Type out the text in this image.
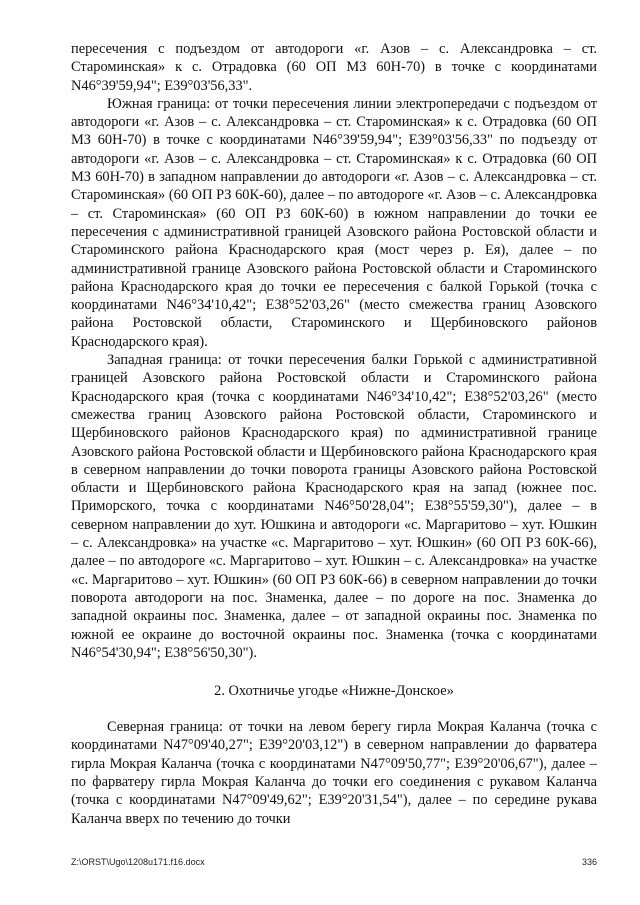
пересечения с подъездом от автодороги «г. Азов – с. Александровка – ст. Староминская» к с. Отрадовка (60 ОП МЗ 60Н-70) в точке с координатами N46°39'59,94"; Е39°03'56,33".

Южная граница: от точки пересечения линии электропередачи с подъездом от автодороги «г. Азов – с. Александровка – ст. Староминская» к с. Отрадовка (60 ОП МЗ 60Н-70) в точке с координатами N46°39'59,94"; Е39°03'56,33" по подъезду от автодороги «г. Азов – с. Александровка – ст. Староминская» к с. Отрадовка (60 ОП МЗ 60Н-70) в западном направлении до автодороги «г. Азов – с. Александровка – ст. Староминская» (60 ОП РЗ 60К-60), далее – по автодороге «г. Азов – с. Александровка – ст. Староминская» (60 ОП РЗ 60К-60) в южном направлении до точки ее пересечения с административной границей Азовского района Ростовской области и Староминского района Краснодарского края (мост через р. Ея), далее – по административной границе Азовского района Ростовской области и Староминского района Краснодарского края до точки ее пересечения с балкой Горькой (точка с координатами N46°34'10,42"; Е38°52'03,26" (место смежества границ Азовского района Ростовской области, Староминского и Щербиновского районов Краснодарского края).

Западная граница: от точки пересечения балки Горькой с административной границей Азовского района Ростовской области и Староминского района Краснодарского края (точка с координатами N46°34'10,42"; Е38°52'03,26" (место смежества границ Азовского района Ростовской области, Староминского и Щербиновского районов Краснодарского края) по административной границе Азовского района Ростовской области и Щербиновского района Краснодарского края в северном направлении до точки поворота границы Азовского района Ростовской области и Щербиновского района Краснодарского края на запад (южнее пос. Приморского, точка с координатами N46°50'28,04"; Е38°55'59,30"), далее – в северном направлении до хут. Юшкина и автодороги «с. Маргаритово – хут. Юшкин – с. Александровка» на участке «с. Маргаритово – хут. Юшкин» (60 ОП РЗ 60К-66), далее – по автодороге «с. Маргаритово – хут. Юшкин – с. Александровка» на участке «с. Маргаритово – хут. Юшкин» (60 ОП РЗ 60К-66) в северном направлении до точки поворота автодороги на пос. Знаменка, далее – по дороге на пос. Знаменка до западной окраины пос. Знаменка, далее – от западной окраины пос. Знаменка по южной ее окраине до восточной окраины пос. Знаменка (точка с координатами N46°54'30,94"; Е38°56'50,30").

2. Охотничье угодье «Нижне-Донское»

Северная граница: от точки на левом берегу гирла Мокрая Каланча (точка с координатами N47°09'40,27"; Е39°20'03,12") в северном направлении до фарватера гирла Мокрая Каланча (точка с координатами N47°09'50,77"; Е39°20'06,67"), далее – по фарватеру гирла Мокрая Каланча до точки его соединения с рукавом Каланча (точка с координатами N47°09'49,62"; Е39°20'31,54"), далее – по середине рукава Каланча вверх по течению до точки

Z:\ORST\Ugo\1208u171.f16.docx	336
